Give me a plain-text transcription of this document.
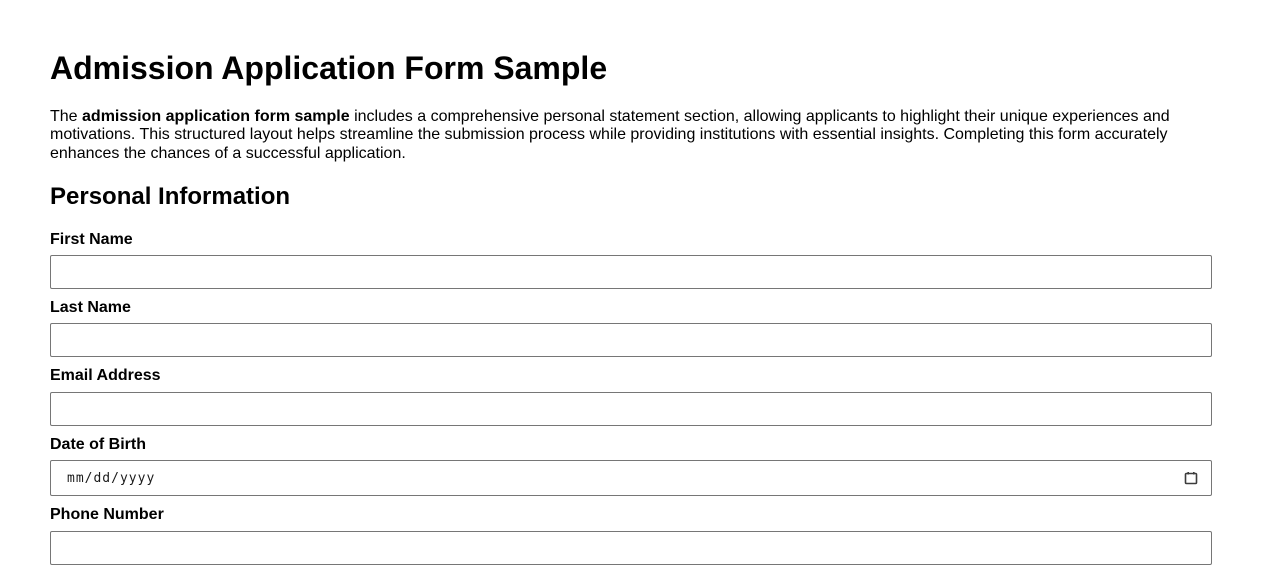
Admission Application Form Sample

The admission application form sample includes a comprehensive personal statement section, allowing applicants to highlight their unique experiences and motivations. This structured layout helps streamline the submission process while providing institutions with essential insights. Completing this form accurately enhances the chances of a successful application.

Personal Information
First Name
Last Name
Email Address
Date of Birth
mm/dd/yyyy
Phone Number
